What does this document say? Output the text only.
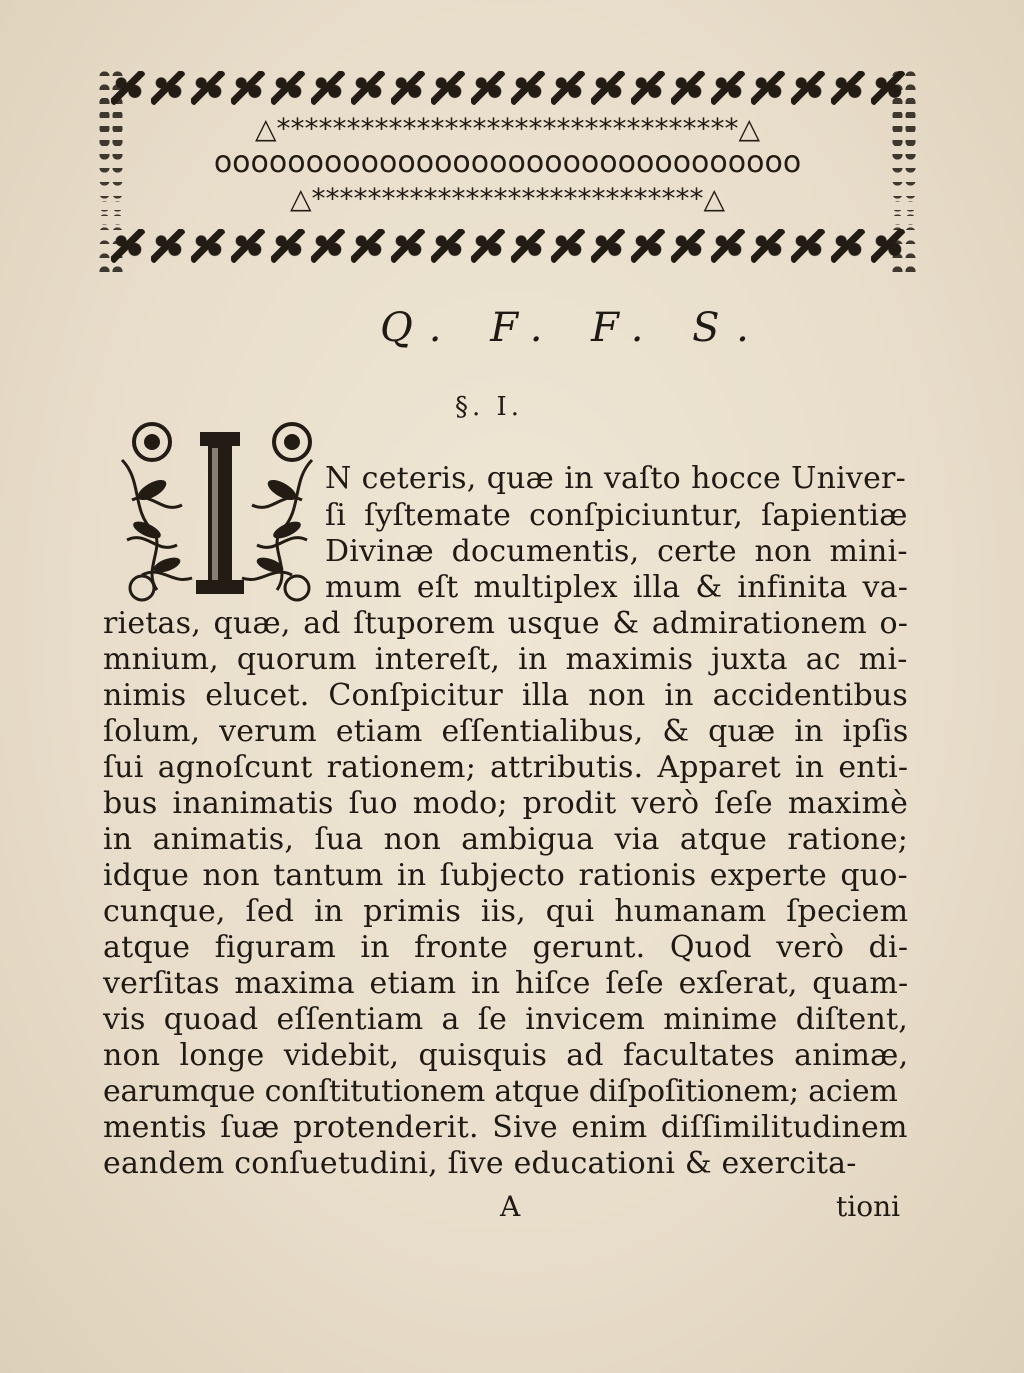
△*********************************△
oooooooooooooooooooooooooooooooo
△****************************△
Q. F. F. S.
§. I.
N ceteris, quæ in vaſto hocce Univer-
ſi ſyſtemate conſpiciuntur, ſapientiæ
Divinæ documentis, certe non mini-
mum eſt multiplex illa & infinita va-
rietas, quæ, ad ſtuporem usque & admirationem o-
mnium, quorum intereſt, in maximis juxta ac mi-
nimis elucet. Conſpicitur illa non in accidentibus
ſolum, verum etiam eſſentialibus, & quæ in ipſis
ſui agnoſcunt rationem; attributis. Apparet in enti-
bus inanimatis ſuo modo; prodit verò ſeſe maximè
in animatis, ſua non ambigua via atque ratione;
idque non tantum in ſubjecto rationis experte quo-
cunque, ſed in primis iis, qui humanam ſpeciem
atque figuram in fronte gerunt. Quod verò di-
verſitas maxima etiam in hiſce ſeſe exſerat, quam-
vis quoad eſſentiam a ſe invicem minime diſtent,
non longe videbit, quisquis ad facultates animæ,
earumque conſtitutionem atque diſpoſitionem; aciem
mentis ſuæ protenderit. Sive enim diſſimilitudinem
eandem conſuetudini, ſive educationi & exercita-
A	tioni
